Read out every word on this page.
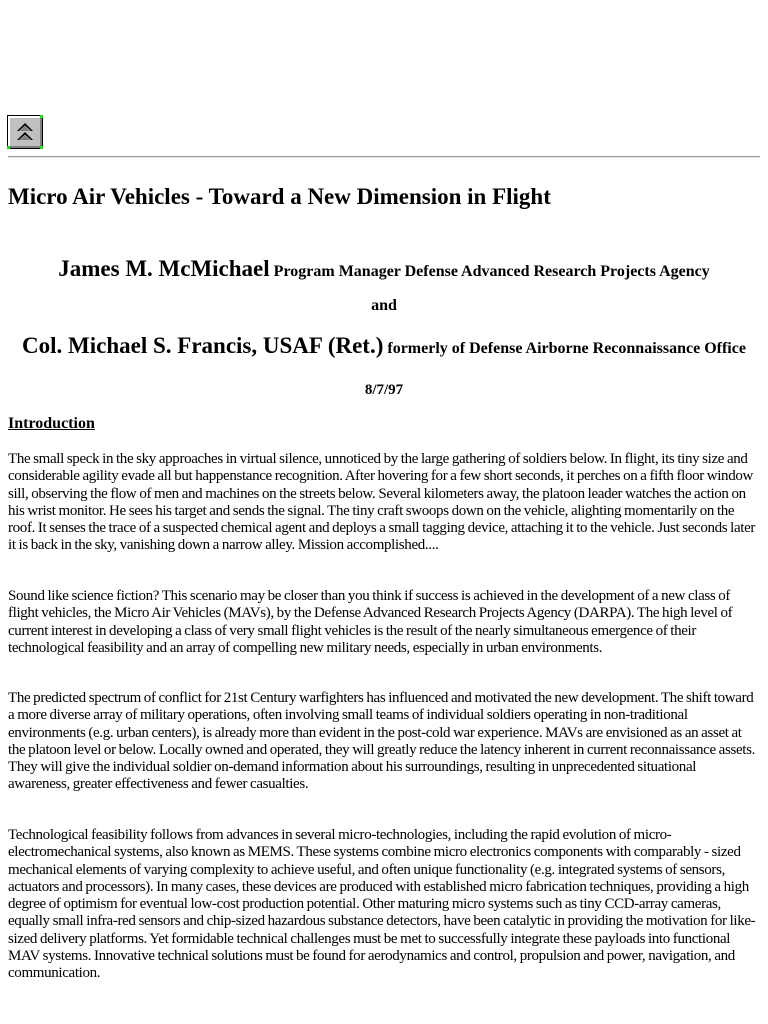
Micro Air Vehicles - Toward a New Dimension in Flight

James M. McMichael Program Manager Defense Advanced Research Projects Agency

and

Col. Michael S. Francis, USAF (Ret.) formerly of Defense Airborne Reconnaissance Office

8/7/97

Introduction

The small speck in the sky approaches in virtual silence, unnoticed by the large gathering of soldiers below. In flight, its tiny size and considerable agility evade all but happenstance recognition. After hovering for a few short seconds, it perches on a fifth floor window sill, observing the flow of men and machines on the streets below. Several kilometers away, the platoon leader watches the action on his wrist monitor. He sees his target and sends the signal. The tiny craft swoops down on the vehicle, alighting momentarily on the roof. It senses the trace of a suspected chemical agent and deploys a small tagging device, attaching it to the vehicle. Just seconds later it is back in the sky, vanishing down a narrow alley. Mission accomplished....

Sound like science fiction? This scenario may be closer than you think if success is achieved in the development of a new class of flight vehicles, the Micro Air Vehicles (MAVs), by the Defense Advanced Research Projects Agency (DARPA). The high level of current interest in developing a class of very small flight vehicles is the result of the nearly simultaneous emergence of their technological feasibility and an array of compelling new military needs, especially in urban environments.

The predicted spectrum of conflict for 21st Century warfighters has influenced and motivated the new development. The shift toward a more diverse array of military operations, often involving small teams of individual soldiers operating in non-traditional environments (e.g. urban centers), is already more than evident in the post-cold war experience. MAVs are envisioned as an asset at the platoon level or below. Locally owned and operated, they will greatly reduce the latency inherent in current reconnaissance assets. They will give the individual soldier on-demand information about his surroundings, resulting in unprecedented situational awareness, greater effectiveness and fewer casualties.

Technological feasibility follows from advances in several micro-technologies, including the rapid evolution of micro-electromechanical systems, also known as MEMS. These systems combine micro electronics components with comparably - sized mechanical elements of varying complexity to achieve useful, and often unique functionality (e.g. integrated systems of sensors, actuators and processors). In many cases, these devices are produced with established micro fabrication techniques, providing a high degree of optimism for eventual low-cost production potential. Other maturing micro systems such as tiny CCD-array cameras, equally small infra-red sensors and chip-sized hazardous substance detectors, have been catalytic in providing the motivation for like-sized delivery platforms. Yet formidable technical challenges must be met to successfully integrate these payloads into functional MAV systems. Innovative technical solutions must be found for aerodynamics and control, propulsion and power, navigation, and communication.
